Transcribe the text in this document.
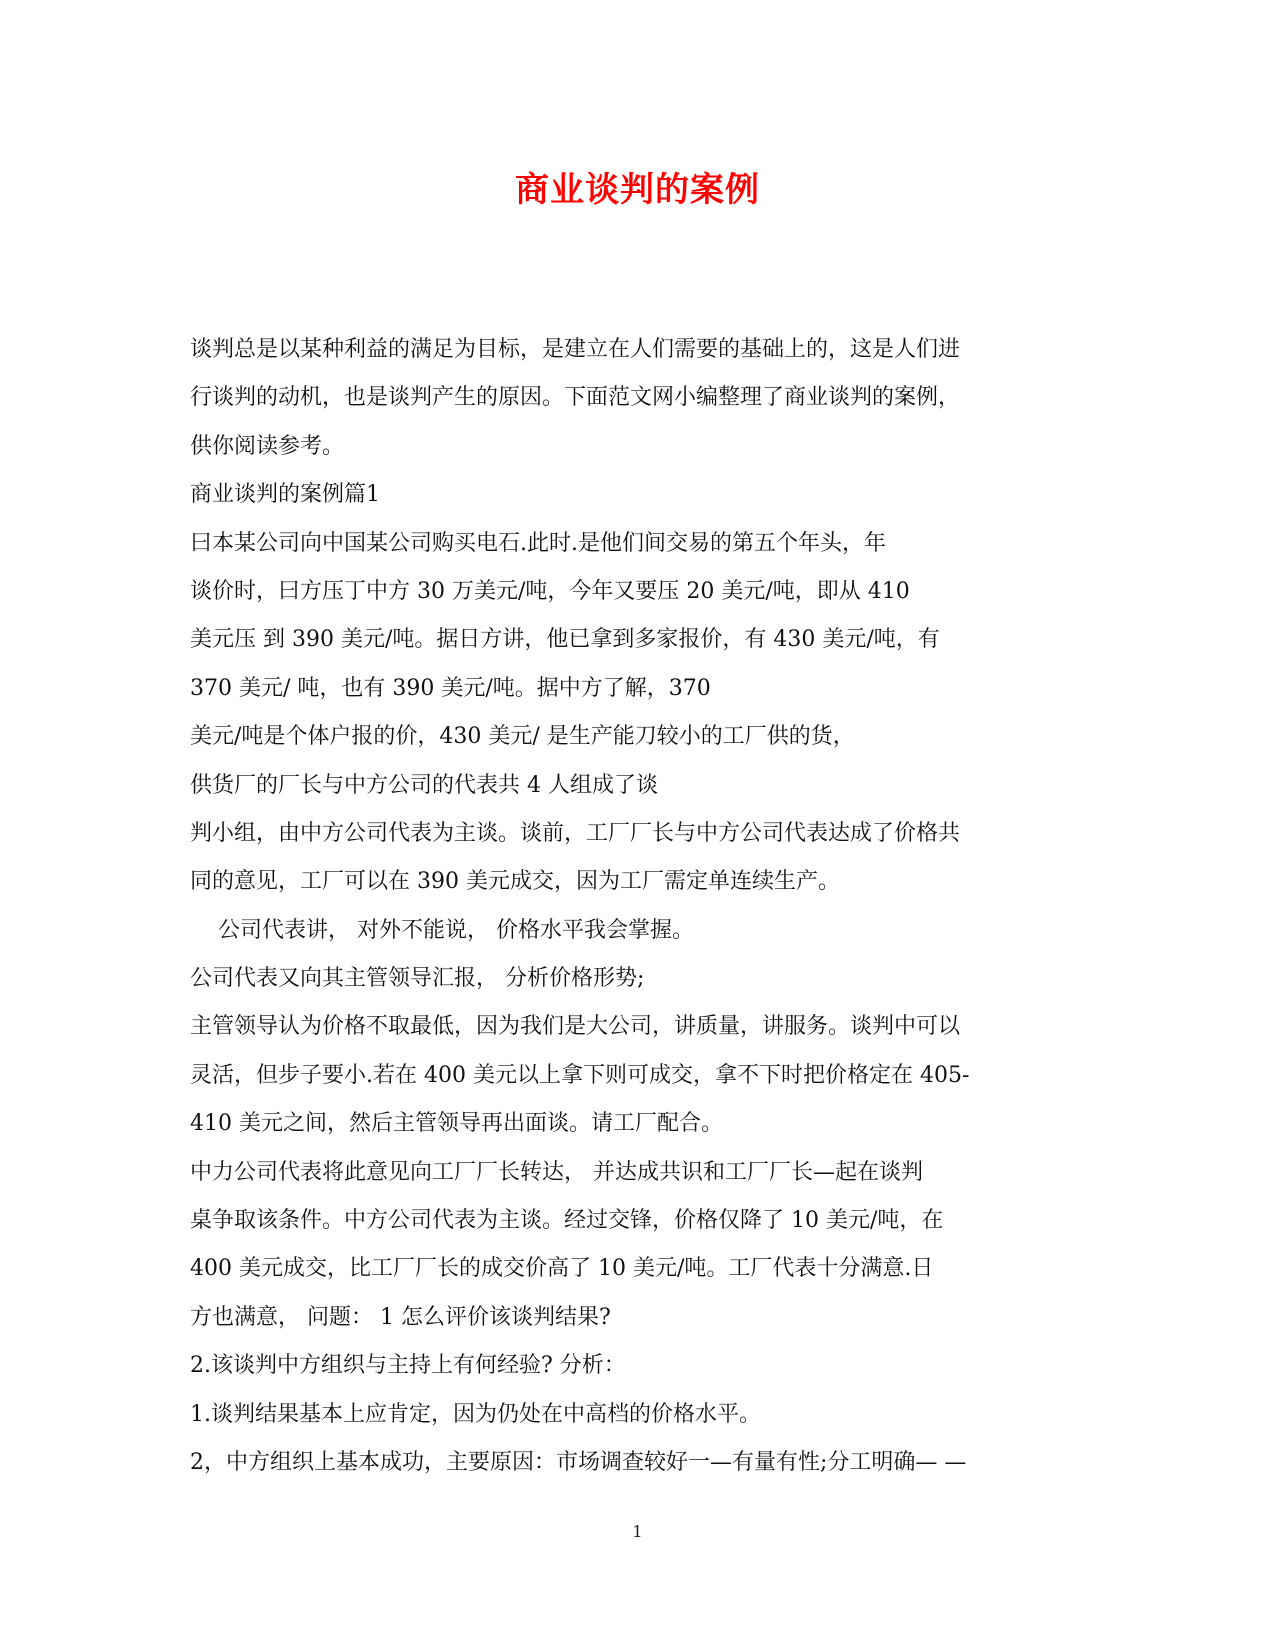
商业谈判的案例
谈判总是以某种利益的满足为目标，是建立在人们需要的基础上的，这是人们进
行谈判的动机，也是谈判产生的原因。下面范文网小编整理了商业谈判的案例，
供你阅读参考。
商业谈判的案例篇1
曰本某公司向中国某公司购买电石.此时.是他们间交易的第五个年头，年
谈价时，曰方压丁中方 30 万美元/吨，今年又要压 20 美元/吨，即从 410
美元压 到 390 美元/吨。据日方讲，他已拿到多家报价，有 430 美元/吨，有
370 美元/ 吨，也有 390 美元/吨。据中方了解，370
美元/吨是个体户报的价，430 美元/ 是生产能刀较小的工厂供的货，
供货厂的厂长与中方公司的代表共 4 人组成了谈
判小组，由中方公司代表为主谈。谈前，工厂厂长与中方公司代表达成了价格共
同的意见，工厂可以在 390 美元成交，因为工厂需定单连续生产。
公司代表讲， 对外不能说， 价格水平我会掌握。
公司代表又向其主管领导汇报， 分析价格形势;
主管领导认为价格不取最低，因为我们是大公司，讲质量，讲服务。谈判中可以
灵活，但步子要小.若在 400 美元以上拿下则可成交，拿不下时把价格定在 405-
410 美元之间，然后主管领导再出面谈。请工厂配合。
中力公司代表将此意见向工厂厂长转达， 并达成共识和工厂厂长—起在谈判
桌争取该条件。中方公司代表为主谈。经过交锋，价格仅降了 10 美元/吨，在
400 美元成交，比工厂厂长的成交价高了 10 美元/吨。工厂代表十分满意.日
方也满意， 问题： 1 怎么评价该谈判结果?
2.该谈判中方组织与主持上有何经验? 分析：
1.谈判结果基本上应肯定，因为仍处在中高档的价格水平。
2，中方组织上基本成功，主要原因：市场调查较好一—有量有性;分工明确— —
1
